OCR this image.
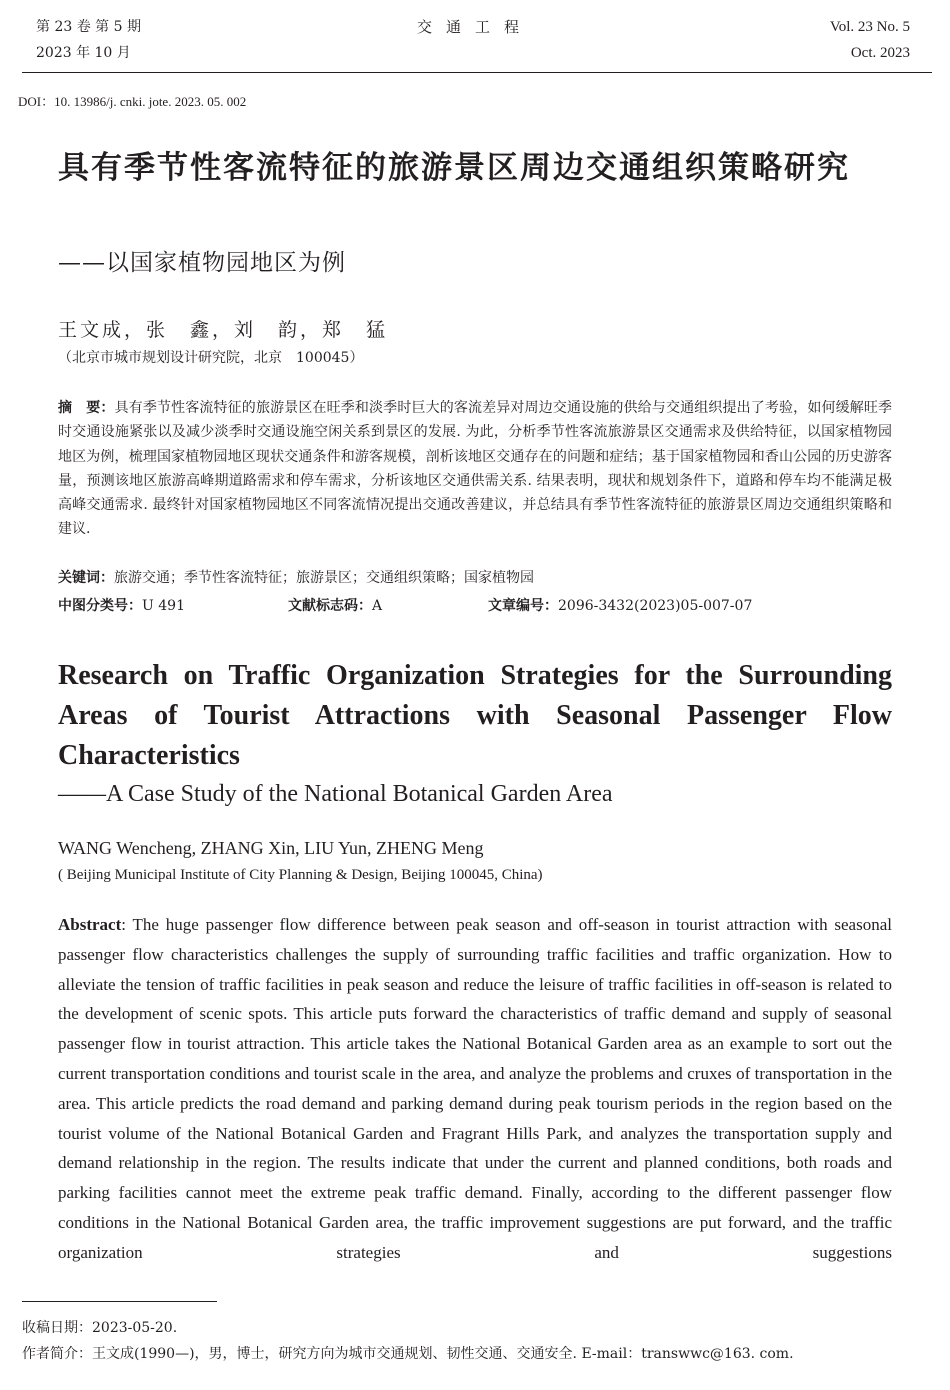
第 23 卷 第 5 期
2023 年 10 月
交通工程	Vol. 23 No. 5
Oct. 2023
DOI：10. 13986/j. cnki. jote. 2023. 05. 002
具有季节性客流特征的旅游景区周边交通组织策略研究
——以国家植物园地区为例
王文成，张　鑫，刘　韵，郑　猛
（北京市城市规划设计研究院，北京　100045）
摘　要：具有季节性客流特征的旅游景区在旺季和淡季时巨大的客流差异对周边交通设施的供给与交通组织提出了考验，如何缓解旺季时交通设施紧张以及减少淡季时交通设施空闲关系到景区的发展. 为此，分析季节性客流旅游景区交通需求及供给特征，以国家植物园地区为例，梳理国家植物园地区现状交通条件和游客规模，剖析该地区交通存在的问题和症结；基于国家植物园和香山公园的历史游客量，预测该地区旅游高峰期道路需求和停车需求，分析该地区交通供需关系. 结果表明，现状和规划条件下，道路和停车均不能满足极高峰交通需求. 最终针对国家植物园地区不同客流情况提出交通改善建议，并总结具有季节性客流特征的旅游景区周边交通组织策略和建议.
关键词：旅游交通；季节性客流特征；旅游景区；交通组织策略；国家植物园
中图分类号：U 491	文献标志码：A	文章编号：2096-3432(2023)05-007-07
Research on Traffic Organization Strategies for the Surrounding Areas of Tourist Attractions with Seasonal Passenger Flow Characteristics
——A Case Study of the National Botanical Garden Area
WANG Wencheng, ZHANG Xin, LIU Yun, ZHENG Meng
( Beijing Municipal Institute of City Planning & Design, Beijing 100045, China)
Abstract: The huge passenger flow difference between peak season and off-season in tourist attraction with seasonal passenger flow characteristics challenges the supply of surrounding traffic facilities and traffic organization. How to alleviate the tension of traffic facilities in peak season and reduce the leisure of traffic facilities in off-season is related to the development of scenic spots. This article puts forward the characteristics of traffic demand and supply of seasonal passenger flow in tourist attraction. This article takes the National Botanical Garden area as an example to sort out the current transportation conditions and tourist scale in the area, and analyze the problems and cruxes of transportation in the area. This article predicts the road demand and parking demand during peak tourism periods in the region based on the tourist volume of the National Botanical Garden and Fragrant Hills Park, and analyzes the transportation supply and demand relationship in the region. The results indicate that under the current and planned conditions, both roads and parking facilities cannot meet the extreme peak traffic demand. Finally, according to the different passenger flow conditions in the National Botanical Garden area, the traffic improvement suggestions are put forward, and the traffic organization strategies and suggestions
收稿日期：2023-05-20.
作者简介：王文成(1990—)，男，博士，研究方向为城市交通规划、韧性交通、交通安全. E-mail：transwwc@163. com.
